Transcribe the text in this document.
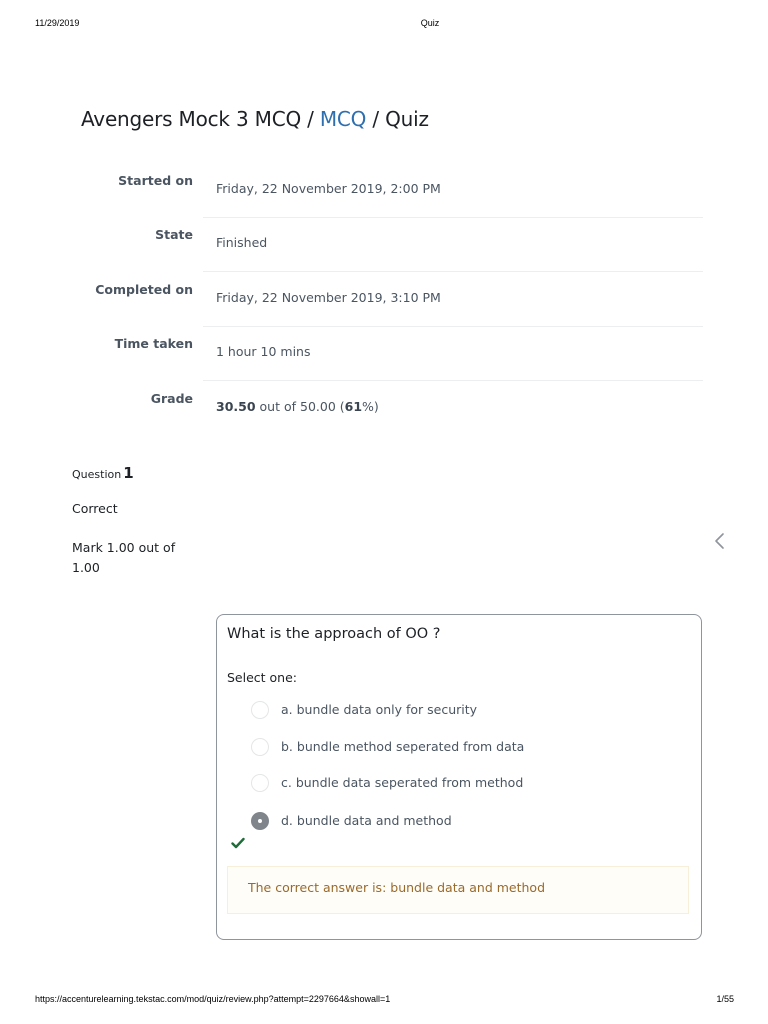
11/29/2019	Quiz
Avengers Mock 3 MCQ / MCQ / Quiz
Started on
Friday, 22 November 2019, 2:00 PM
State
Finished
Completed on
Friday, 22 November 2019, 3:10 PM
Time taken
1 hour 10 mins
Grade
30.50 out of 50.00 (61%)
Question 1
Correct
Mark 1.00 out of 1.00
What is the approach of OO ?
Select one:
a. bundle data only for security
b. bundle method seperated from data
c. bundle data seperated from method
d. bundle data and method
The correct answer is: bundle data and method
https://accenturelearning.tekstac.com/mod/quiz/review.php?attempt=2297664&showall=1	1/55
